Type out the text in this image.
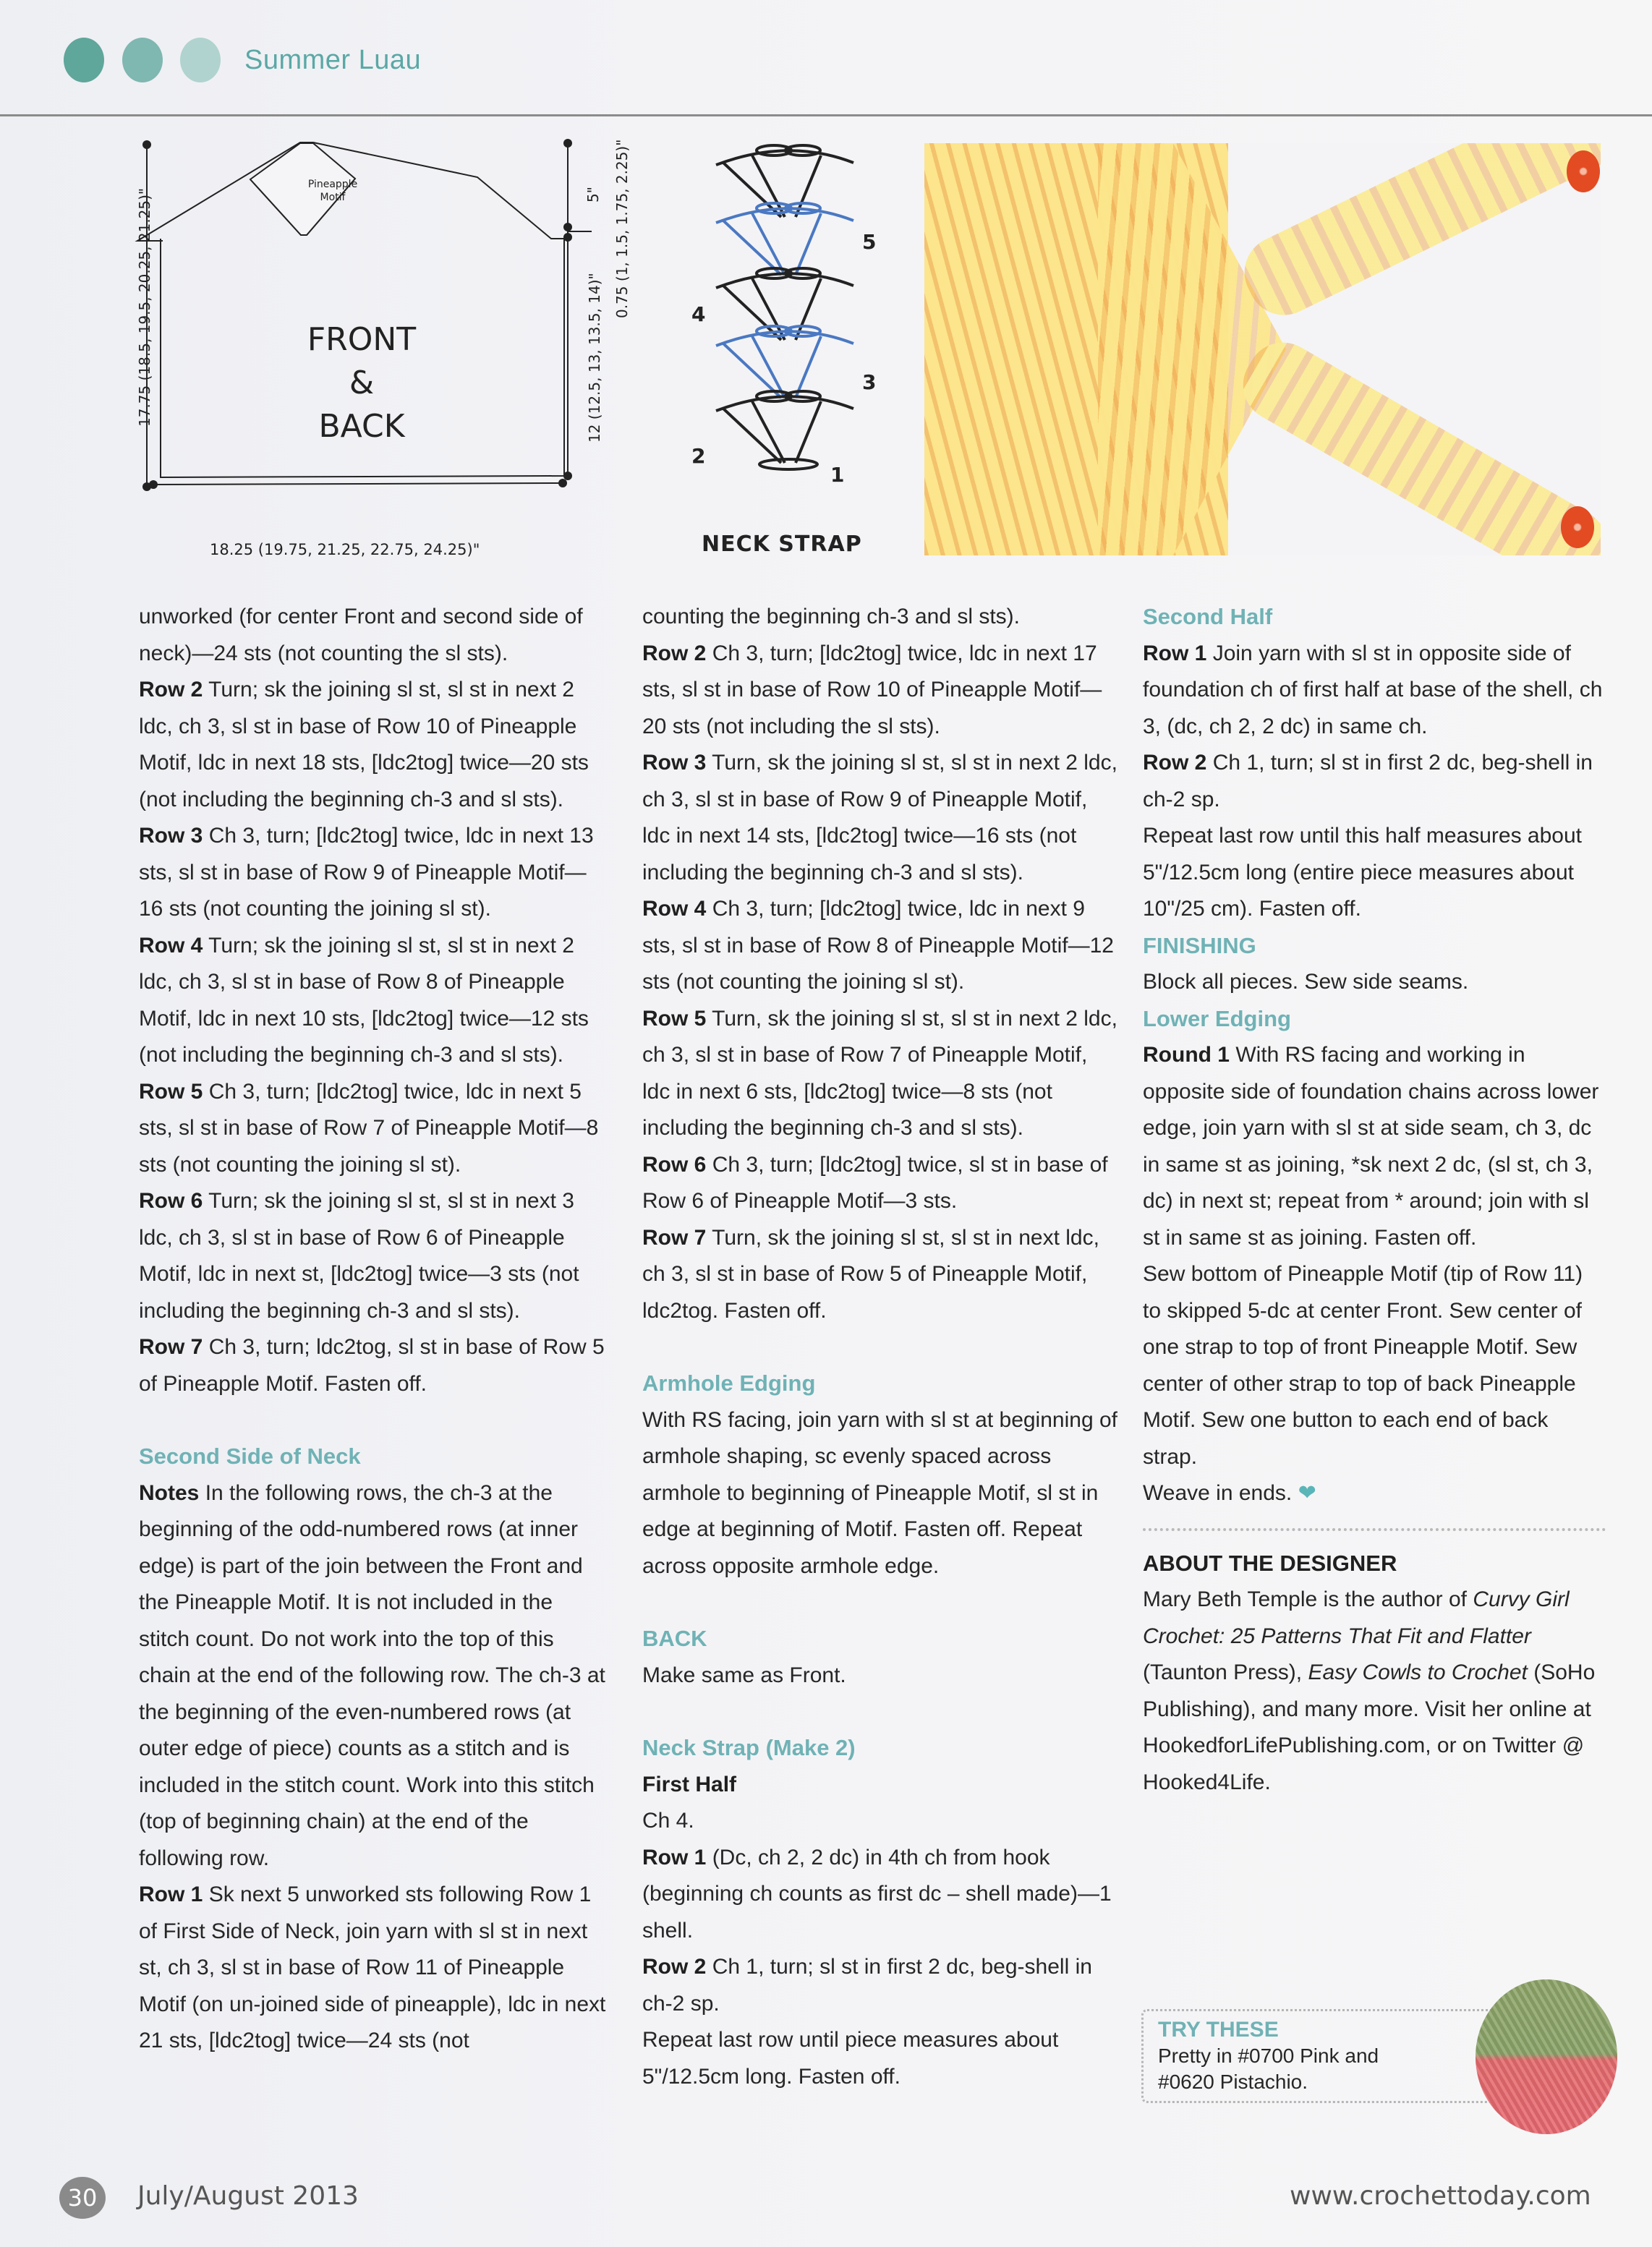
Summer Luau
Pineapple
Motif
FRONT
&
BACK
18.25 (19.75, 21.25, 22.75, 24.25)"
17.75 (18.5, 19.5, 20.25, 21.25)"	12 (12.5, 13, 13.5, 14)"
5" 0.75 (1, 1.5, 1.75, 2.25)"	5
4
3
2
1
NECK STRAP

unworked (for center Front and second side of neck)—24 sts (not counting the sl sts).

Row 2 Turn; sk the joining sl st, sl st in next 2 ldc, ch 3, sl st in base of Row 10 of Pineapple Motif, ldc in next 18 sts, [ldc2tog] twice—20 sts (not including the beginning ch-3 and sl sts).

Row 3 Ch 3, turn; [ldc2tog] twice, ldc in next 13 sts, sl st in base of Row 9 of Pineapple Motif—16 sts (not counting the joining sl st).

Row 4 Turn; sk the joining sl st, sl st in next 2 ldc, ch 3, sl st in base of Row 8 of Pineapple Motif, ldc in next 10 sts, [ldc2tog] twice—12 sts (not including the beginning ch-3 and sl sts).

Row 5 Ch 3, turn; [ldc2tog] twice, ldc in next 5 sts, sl st in base of Row 7 of Pineapple Motif—8 sts (not counting the joining sl st).

Row 6 Turn; sk the joining sl st, sl st in next 3 ldc, ch 3, sl st in base of Row 6 of Pineapple Motif, ldc in next st, [ldc2tog] twice—3 sts (not including the beginning ch-3 and sl sts).

Row 7 Ch 3, turn; ldc2tog, sl st in base of Row 5 of Pineapple Motif. Fasten off.

Second Side of Neck

Notes In the following rows, the ch-3 at the beginning of the odd-numbered rows (at inner edge) is part of the join between the Front and the Pineapple Motif. It is not included in the stitch count. Do not work into the top of this chain at the end of the following row. The ch-3 at the beginning of the even-numbered rows (at outer edge of piece) counts as a stitch and is included in the stitch count. Work into this stitch (top of beginning chain) at the end of the following row.

Row 1 Sk next 5 unworked sts following Row 1 of First Side of Neck, join yarn with sl st in next st, ch 3, sl st in base of Row 11 of Pineapple Motif (on un-joined side of pineapple), ldc in next 21 sts, [ldc2tog] twice—24 sts (not

counting the beginning ch-3 and sl sts).

Row 2 Ch 3, turn; [ldc2tog] twice, ldc in next 17 sts, sl st in base of Row 10 of Pineapple Motif—20 sts (not including the sl sts).

Row 3 Turn, sk the joining sl st, sl st in next 2 ldc, ch 3, sl st in base of Row 9 of Pineapple Motif, ldc in next 14 sts, [ldc2tog] twice—16 sts (not including the beginning ch-3 and sl sts).

Row 4 Ch 3, turn; [ldc2tog] twice, ldc in next 9 sts, sl st in base of Row 8 of Pineapple Motif—12 sts (not counting the joining sl st).

Row 5 Turn, sk the joining sl st, sl st in next 2 ldc, ch 3, sl st in base of Row 7 of Pineapple Motif, ldc in next 6 sts, [ldc2tog] twice—8 sts (not including the beginning ch-3 and sl sts).

Row 6 Ch 3, turn; [ldc2tog] twice, sl st in base of Row 6 of Pineapple Motif—3 sts.

Row 7 Turn, sk the joining sl st, sl st in next ldc, ch 3, sl st in base of Row 5 of Pineapple Motif, ldc2tog. Fasten off.

Armhole Edging

With RS facing, join yarn with sl st at beginning of armhole shaping, sc evenly spaced across armhole to beginning of Pineapple Motif, sl st in edge at beginning of Motif. Fasten off. Repeat across opposite armhole edge.

BACK

Make same as Front.

Neck Strap (Make 2)

First Half

Ch 4.

Row 1 (Dc, ch 2, 2 dc) in 4th ch from hook (beginning ch counts as first dc – shell made)—1 shell.

Row 2 Ch 1, turn; sl st in first 2 dc, beg-shell in ch-2 sp.

Repeat last row until piece measures about 5"/12.5cm long. Fasten off.

Second Half

Row 1 Join yarn with sl st in opposite side of foundation ch of first half at base of the shell, ch 3, (dc, ch 2, 2 dc) in same ch.

Row 2 Ch 1, turn; sl st in first 2 dc, beg-shell in ch-2 sp.

Repeat last row until this half measures about 5"/12.5cm long (entire piece measures about 10"/25 cm). Fasten off.

FINISHING

Block all pieces. Sew side seams.

Lower Edging

Round 1 With RS facing and working in opposite side of foundation chains across lower edge, join yarn with sl st at side seam, ch 3, dc in same st as joining, *sk next 2 dc, (sl st, ch 3, dc) in next st; repeat from * around; join with sl st in same st as joining. Fasten off.

Sew bottom of Pineapple Motif (tip of Row 11) to skipped 5-dc at center Front. Sew center of one strap to top of front Pineapple Motif. Sew center of other strap to top of back Pineapple Motif. Sew one button to each end of back strap.

Weave in ends. ❤

ABOUT THE DESIGNER

Mary Beth Temple is the author of Curvy Girl Crochet: 25 Patterns That Fit and Flatter (Taunton Press), Easy Cowls to Crochet (SoHo Publishing), and many more. Visit her online at HookedforLifePublishing.com, or on Twitter @ Hooked4Life.

TRY THESE
Pretty in #0700 Pink and
#0620 Pistachio.
30	July/August 2013	www.crochettoday.com
